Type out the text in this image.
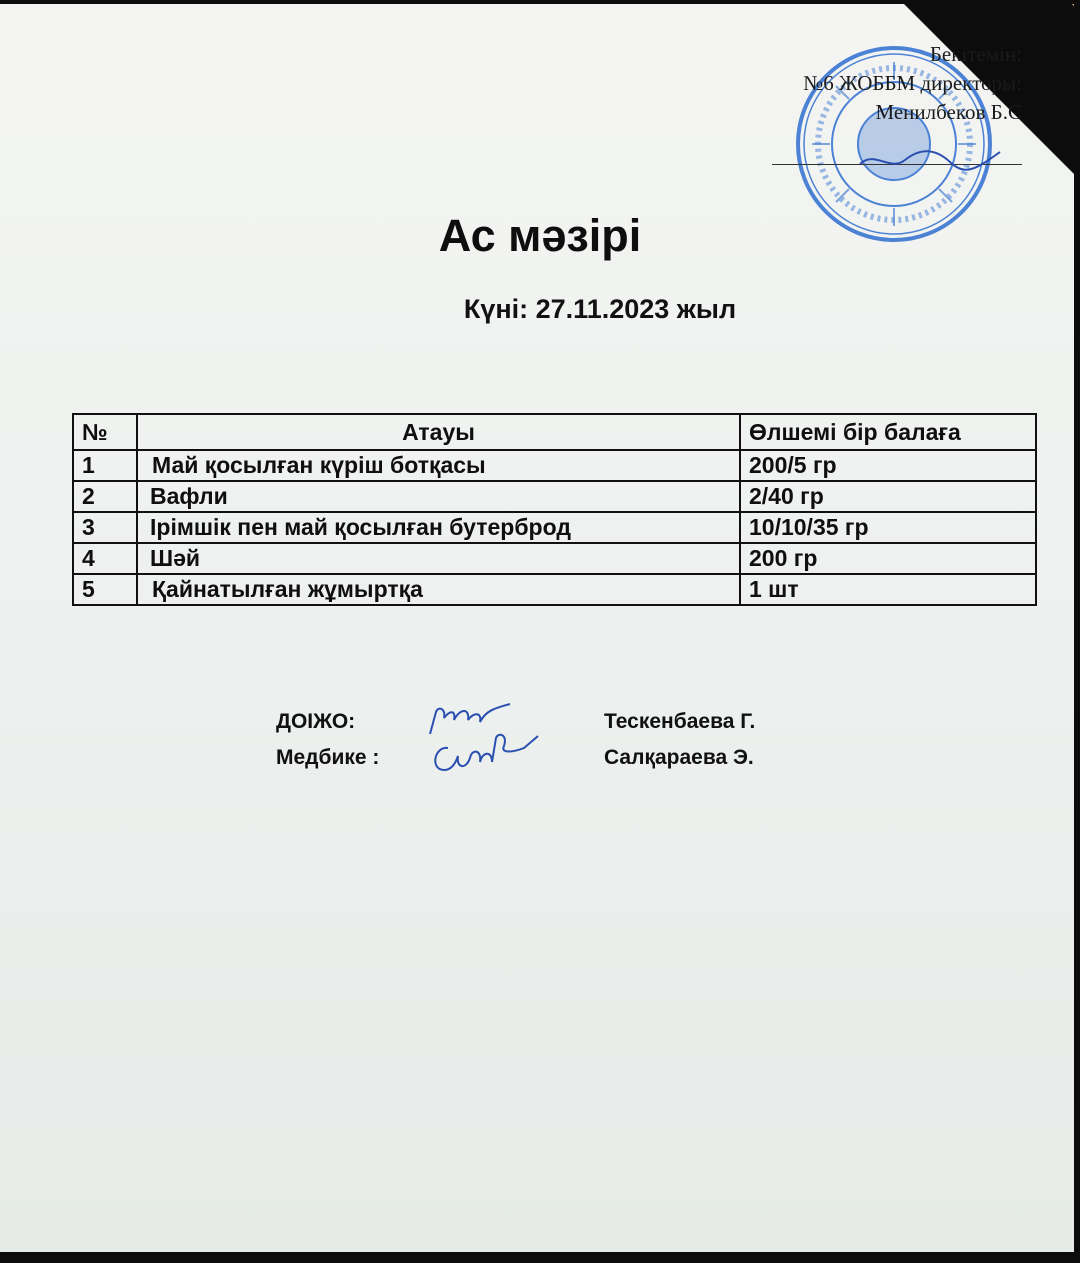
Бекітемін:
№6 ЖОББМ директоры:
Менилбеков Б.С
Ас мәзірі
Күні: 27.11.2023 жыл
№	Атауы	Өлшемі бір балаға
1	Май қосылған күріш ботқасы	200/5 гр
2	Вафли	2/40 гр
3	Ірімшік пен май қосылған бутерброд	10/10/35 гр
4	Шәй	200 гр
5	Қайнатылған жұмыртқа	1 шт
ДОІЖО:	Тескенбаева Г.
Медбике :	Салқараева Э.
